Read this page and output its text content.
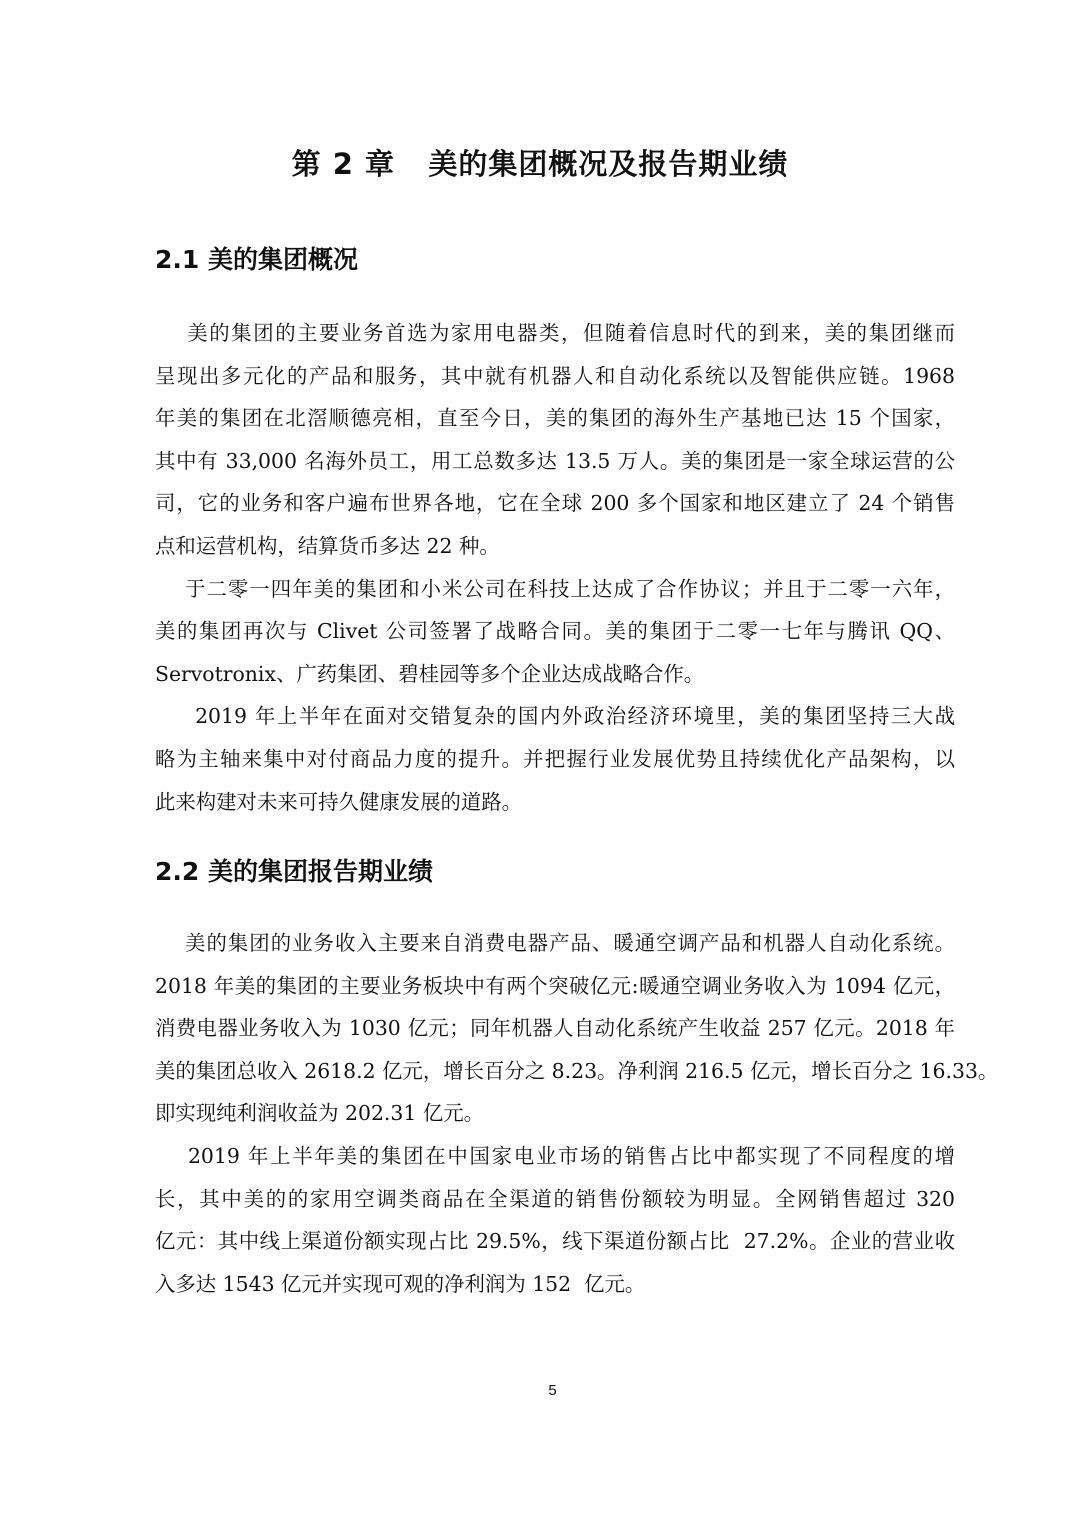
第 2 章   美的集团概况及报告期业绩
2.1 美的集团概况
美的集团的主要业务首选为家用电器类，但随着信息时代的到来，美的集团继而
呈现出多元化的产品和服务，其中就有机器人和自动化系统以及智能供应链。1968
年美的集团在北滘顺德亮相，直至今日，美的集团的海外生产基地已达 15 个国家，
其中有 33,000 名海外员工，用工总数多达 13.5 万人。美的集团是一家全球运营的公
司，它的业务和客户遍布世界各地，它在全球 200 多个国家和地区建立了 24 个销售
点和运营机构，结算货币多达 22 种。
于二零一四年美的集团和小米公司在科技上达成了合作协议；并且于二零一六年，
美的集团再次与 Clivet 公司签署了战略合同。美的集团于二零一七年与腾讯 QQ、
Servotronix、广药集团、碧桂园等多个企业达成战略合作。
2019 年上半年在面对交错复杂的国内外政治经济环境里，美的集团坚持三大战
略为主轴来集中对付商品力度的提升。并把握行业发展优势且持续优化产品架构，以
此来构建对未来可持久健康发展的道路。
2.2 美的集团报告期业绩
美的集团的业务收入主要来自消费电器产品、暖通空调产品和机器人自动化系统。
2018 年美的集团的主要业务板块中有两个突破亿元:暖通空调业务收入为 1094 亿元，
消费电器业务收入为 1030 亿元；同年机器人自动化系统产生收益 257 亿元。2018 年
美的集团总收入 2618.2 亿元，增长百分之 8.23。净利润 216.5 亿元，增长百分之 16.33。
即实现纯利润收益为 202.31 亿元。
2019 年上半年美的集团在中国家电业市场的销售占比中都实现了不同程度的增
长，其中美的的家用空调类商品在全渠道的销售份额较为明显。全网销售超过 320
亿元：其中线上渠道份额实现占比 29.5%，线下渠道份额占比  27.2%。企业的营业收
入多达 1543 亿元并实现可观的净利润为 152  亿元。

5
